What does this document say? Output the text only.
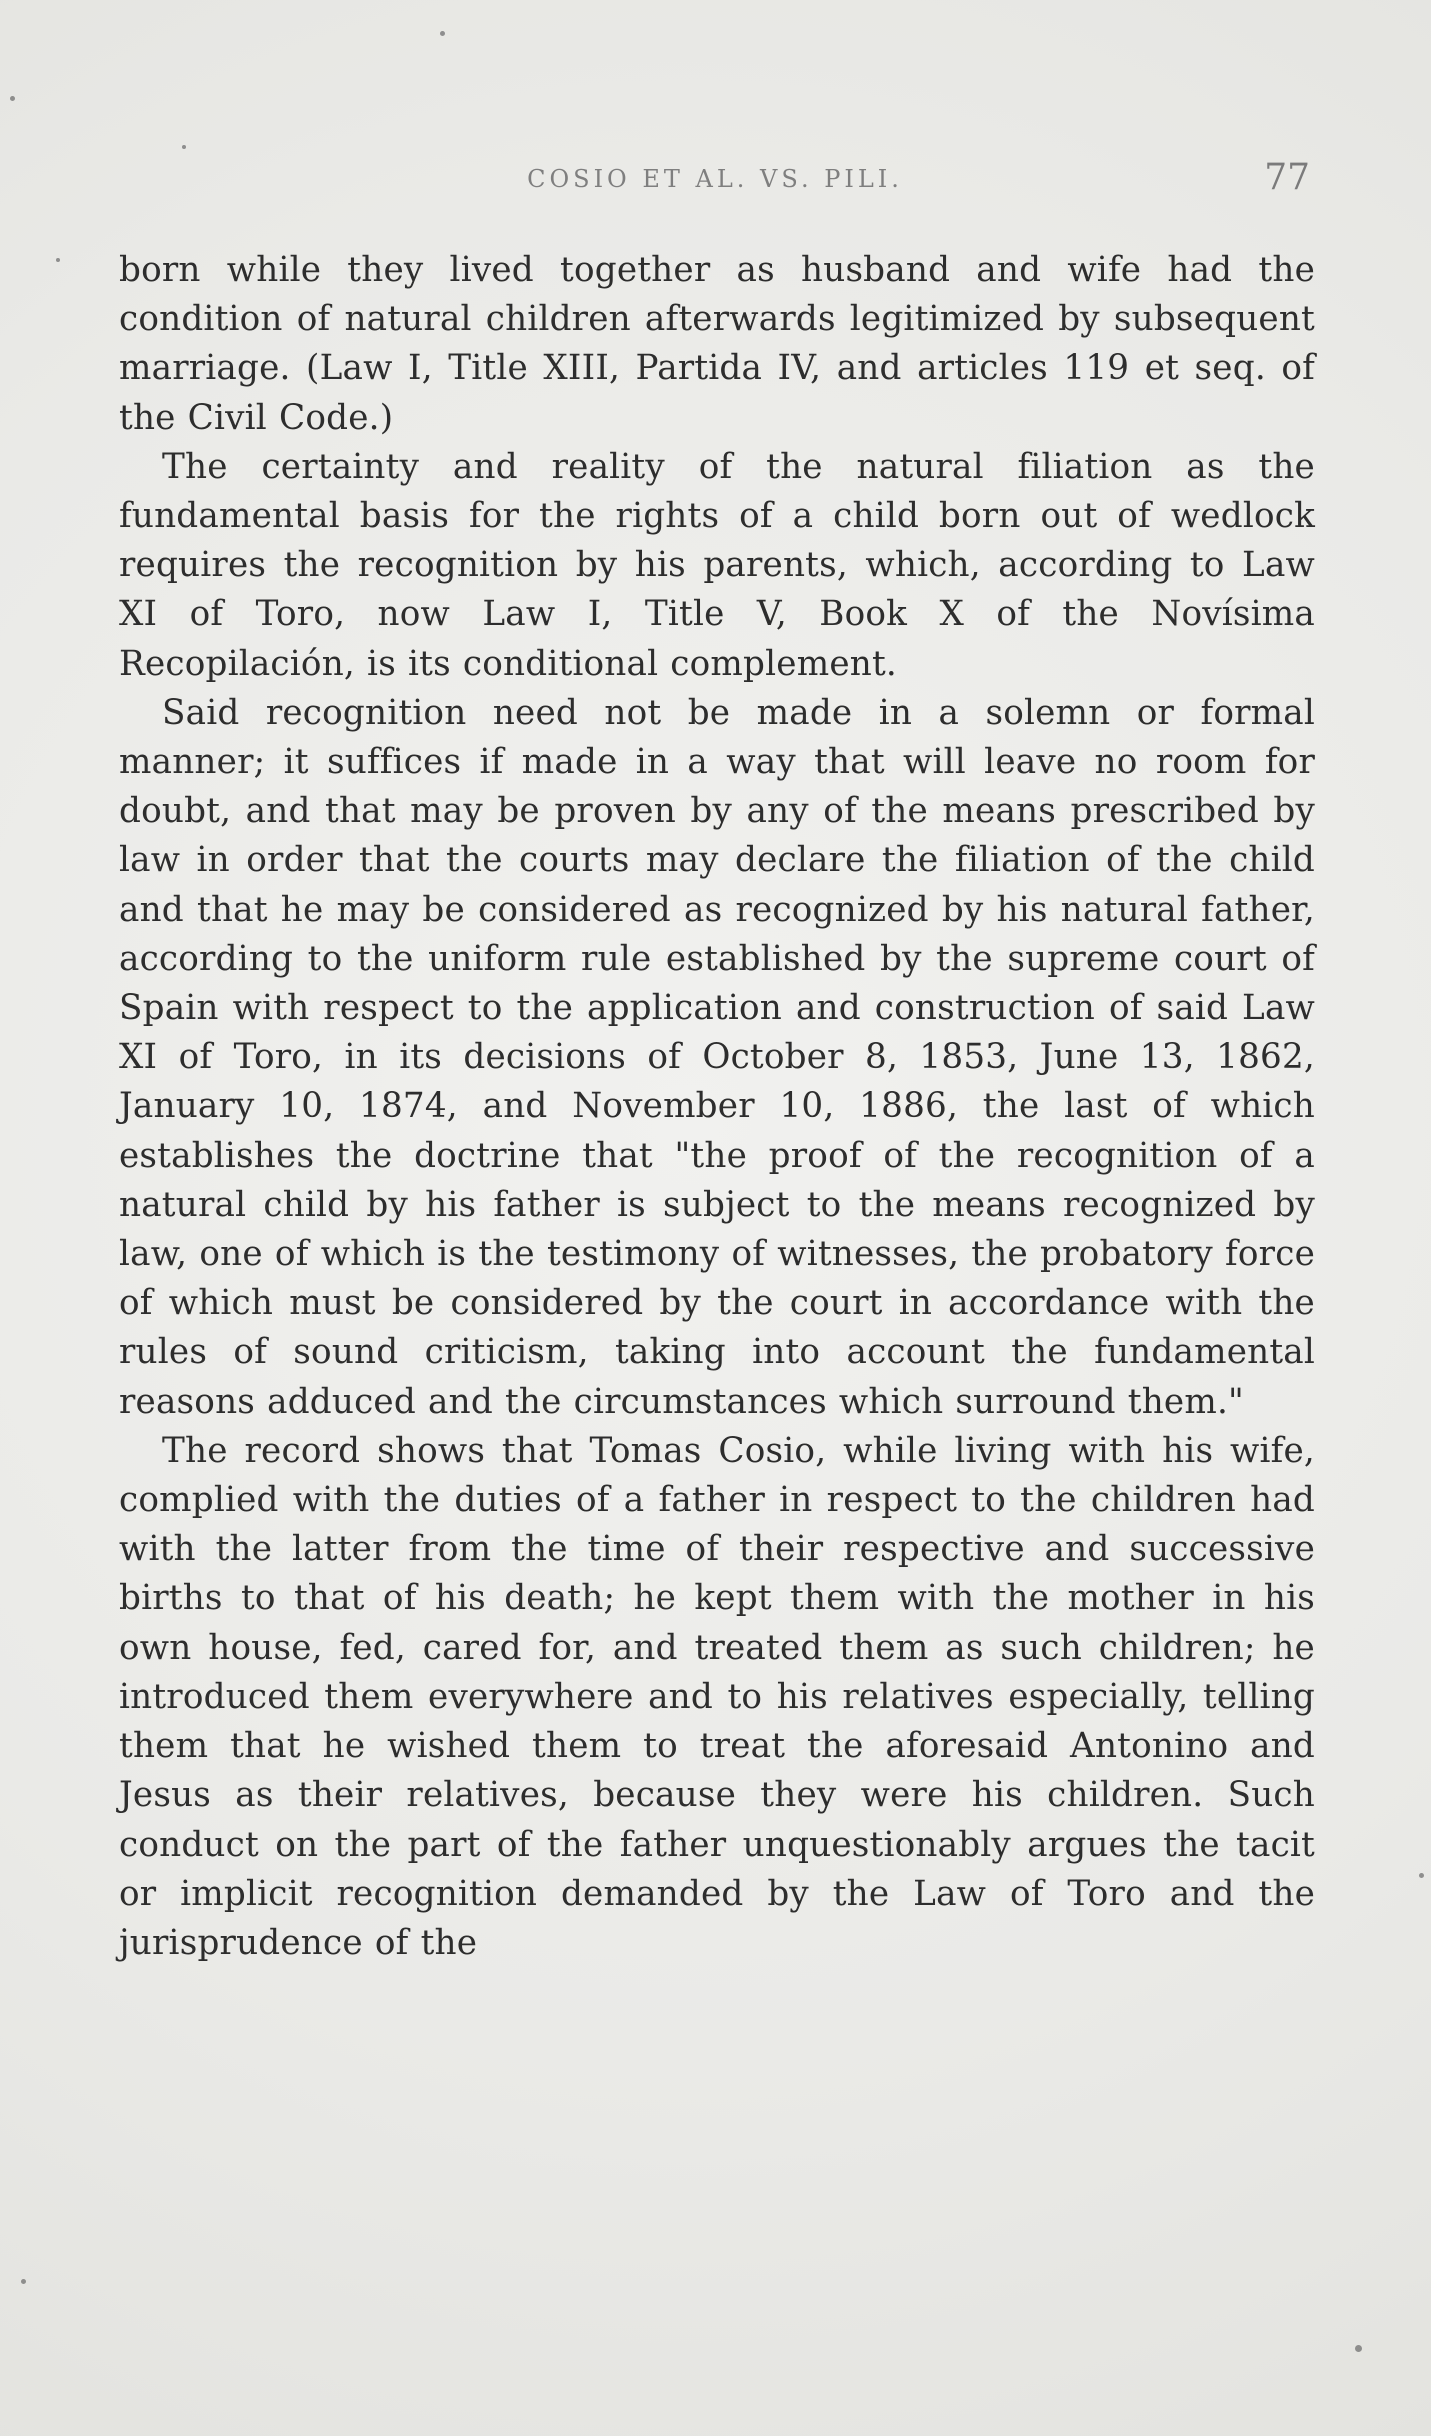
COSIO ET AL. VS. PILI.	77

born while they lived together as husband and wife had the condition of natural children afterwards legitimized by subsequent marriage. (Law I, Title XIII, Partida IV, and articles 119 et seq. of the Civil Code.)

The certainty and reality of the natural filiation as the fundamental basis for the rights of a child born out of wedlock requires the recognition by his parents, which, according to Law XI of Toro, now Law I, Title V, Book X of the Novísima Recopilación, is its conditional complement.

Said recognition need not be made in a solemn or formal manner; it suffices if made in a way that will leave no room for doubt, and that may be proven by any of the means prescribed by law in order that the courts may declare the filiation of the child and that he may be considered as recognized by his natural father, according to the uniform rule established by the supreme court of Spain with respect to the application and construction of said Law XI of Toro, in its decisions of October 8, 1853, June 13, 1862, January 10, 1874, and November 10, 1886, the last of which establishes the doctrine that "the proof of the recognition of a natural child by his father is subject to the means recognized by law, one of which is the testimony of witnesses, the probatory force of which must be considered by the court in accordance with the rules of sound criticism, taking into account the fundamental reasons adduced and the circumstances which surround them."

The record shows that Tomas Cosio, while living with his wife, complied with the duties of a father in respect to the children had with the latter from the time of their respective and successive births to that of his death; he kept them with the mother in his own house, fed, cared for, and treated them as such children; he introduced them everywhere and to his relatives especially, telling them that he wished them to treat the aforesaid Antonino and Jesus as their relatives, because they were his children. Such conduct on the part of the father unquestionably argues the tacit or implicit recognition demanded by the Law of Toro and the jurisprudence of the
